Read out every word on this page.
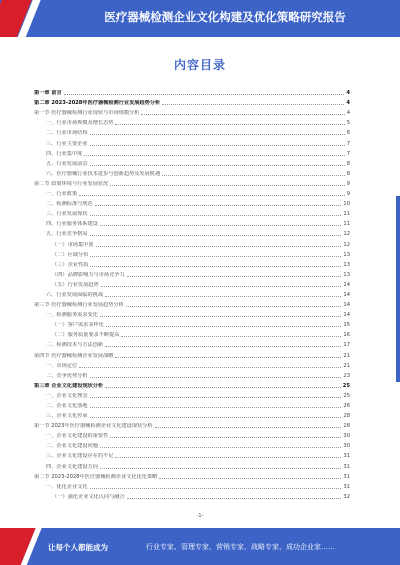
医疗器械检测企业文化构建及优化策略研究报告
内容目录
第一章 前言	4
第二章 2023-2028年医疗器械检测行业发展趋势分析	4
第一节 医疗器械检测行业现状与市场规模分析	4
一、行业市场规模及增长态势	5
二、行业市场结构	6
三、行业主要企业	7
四、行业集中度	7
五、行业发展前景	8
六、医疗器械行业技术进步与创新趋势及发展机遇	8
第二节 政策环境与行业发展状况	9
一、行业政策	9
二、检测标准与规范	10
三、行业发展现状	11
四、行业服务体系建设	11
五、行业竞争格局	12
（一）市场集中度	12
（二）区域分布	13
（三）企业性质	13
（四）品牌影响力与市场竞争力	13
（五）行业发展趋势	14
六、行业发展面临的挑战	14
第三节 医疗器械检测行业发展趋势分析	14
一、检测服务需求变化	14
（一）客户需求多样化	15
（二）服务质量要求不断提高	16
二、检测技术与方法创新	17
第四节 医疗器械检测企业发展战略	21
一、市场定位	21
二、竞争优势分析	23
第三章 企业文化建设现状分析	25
一、企业文化理念	25
二、企业文化落地	26
三、企业文化传承	28
第一节 2023年医疗器械检测企业文化建设现状分析	28
一、企业文化建设的重要性	30
二、企业文化建设问题	30
三、企业文化建设存在的不足	31
四、企业文化建设方向	31
第二节 2023-2028年医疗器械检测企业文化优化策略	31
一、优化企业文化	31
（一）强化企业文化认同与融合	32
-1-
让每个人都能成为	行业专家、管理专家、营销专家、战略专家、成功企业家……
